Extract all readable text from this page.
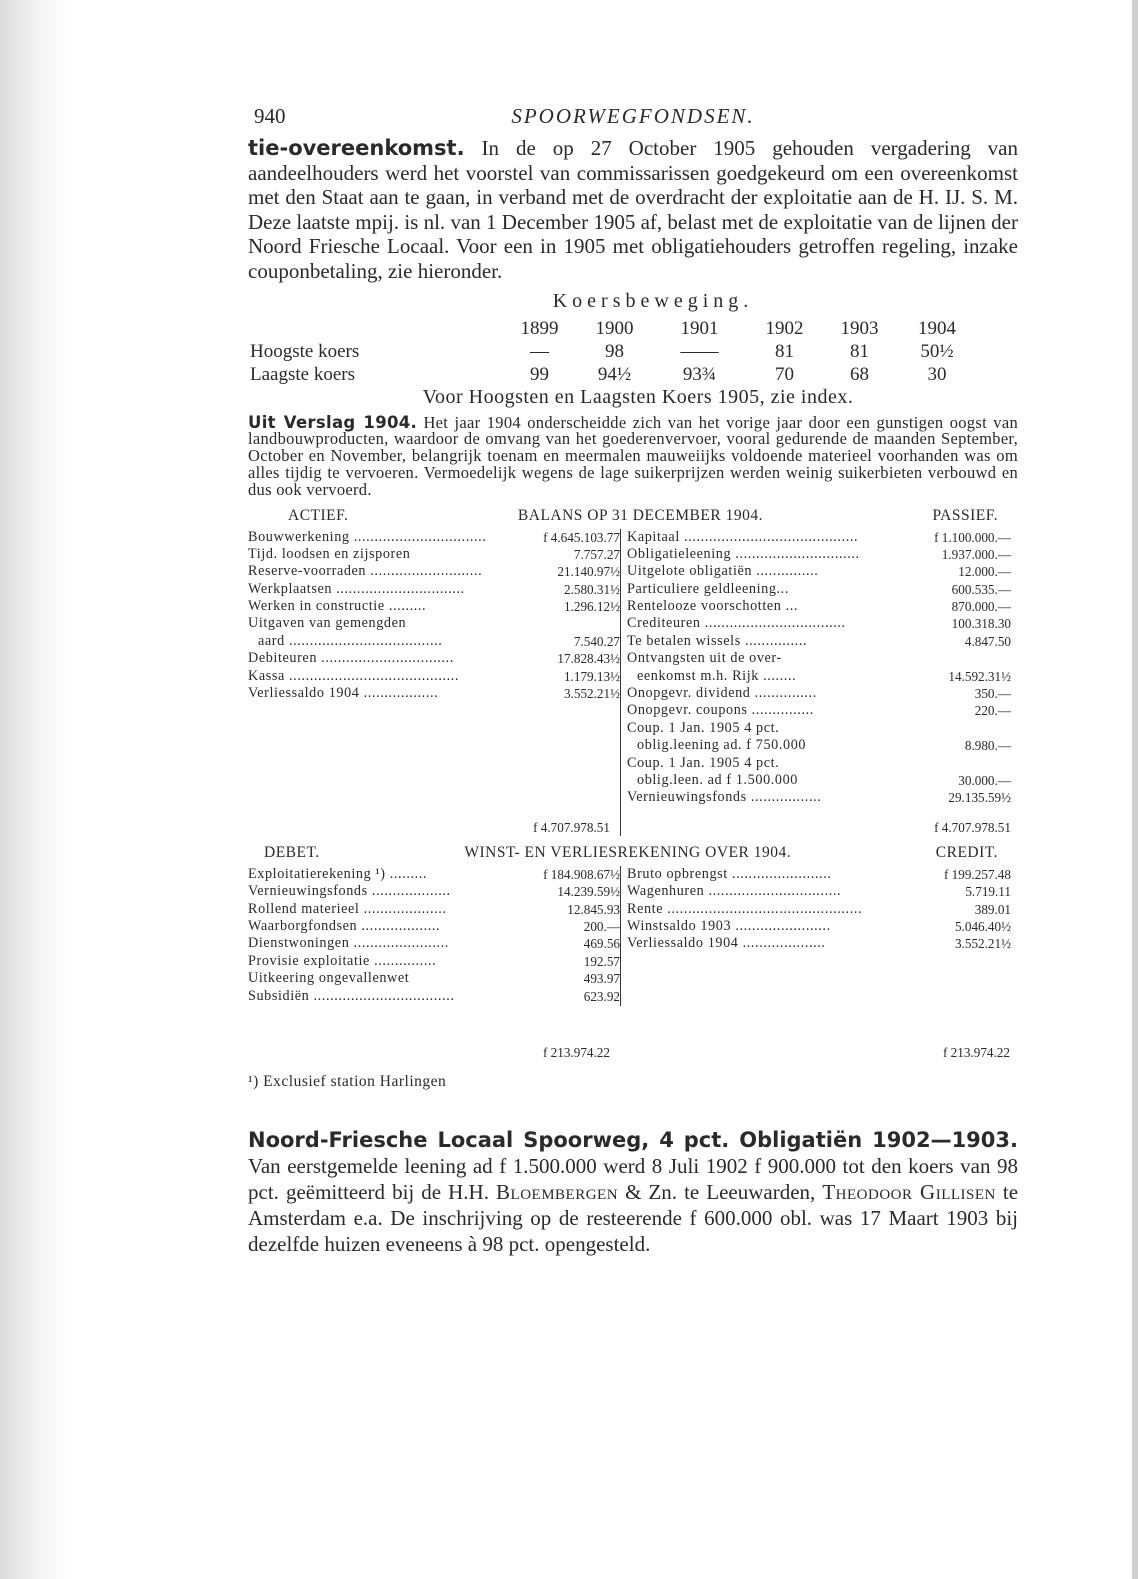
940	SPOORWEGFONDSEN.

tie-overeenkomst. In de op 27 October 1905 gehouden vergadering van aandeelhouders werd het voorstel van commissarissen goedgekeurd om een overeenkomst met den Staat aan te gaan, in verband met de overdracht der exploitatie aan de H. IJ. S. M. Deze laatste mpij. is nl. van 1 December 1905 af, belast met de exploitatie van de lijnen der Noord Friesche Locaal. Voor een in 1905 met obligatiehouders getroffen regeling, inzake couponbetaling, zie hieronder.

Koersbeweging.
	1899	1900	1901	1902	1903	1904
Hoogste koers	—	98	——	81	81	50½
Laagste koers	99	94½	93¾	70	68	30
Voor Hoogsten en Laagsten Koers 1905, zie index.

Uit Verslag 1904. Het jaar 1904 onderscheidde zich van het vorige jaar door een gunstigen oogst van landbouwproducten, waardoor de omvang van het goederenvervoer, vooral gedurende de maanden September, October en November, belangrijk toenam en meermalen mauweiijks voldoende materieel voorhanden was om alles tijdig te vervoeren. Vermoedelijk wegens de lage suikerprijzen werden weinig suikerbieten verbouwd en dus ook vervoerd.

ACTIEF.	BALANS OP 31 DECEMBER 1904.	PASSIEF.
Bouwwerkening ................................	f 4.645.103.77
Tijd. loodsen en zijsporen	7.757.27
Reserve-voorraden ...........................	21.140.97½
Werkplaatsen ...............................	2.580.31½
Werken in constructie .........	1.296.12½
Uitgaven van gemengden
aard .....................................	7.540.27
Debiteuren ................................	17.828.43½
Kassa .........................................	1.179.13½
Verliessaldo 1904 ..................	3.552.21½
Kapitaal ..........................................	f 1.100.000.—
Obligatieleening ..............................	1.937.000.—
Uitgelote obligatiën ...............	12.000.—
Particuliere geldleening...	600.535.—
Rentelooze voorschotten ...	870.000.—
Crediteuren ..................................	100.318.30
Te betalen wissels ...............	4.847.50
Ontvangsten uit de over-
eenkomst m.h. Rijk ........	14.592.31½
Onopgevr. dividend ...............	350.—
Onopgevr. coupons ...............	220.—
Coup. 1 Jan. 1905 4 pct.
oblig.leening ad. f 750.000	8.980.—
Coup. 1 Jan. 1905 4 pct.
oblig.leen. ad f 1.500.000	30.000.—
Vernieuwingsfonds .................	29.135.59½
f 4.707.978.51	f 4.707.978.51
DEBET.	WINST- EN VERLIESREKENING OVER 1904.	CREDIT.
Exploitatierekening ¹) .........	f 184.908.67½
Vernieuwingsfonds ...................	14.239.59½
Rollend materieel ....................	12.845.93
Waarborgfondsen ...................	200.—
Dienstwoningen .......................	469.56
Provisie exploitatie ...............	192.57
Uitkeering ongevallenwet	493.97
Subsidiën ..................................	623.92
Bruto opbrengst ........................	f 199.257.48
Wagenhuren ................................	5.719.11
Rente ...............................................	389.01
Winstsaldo 1903 .......................	5.046.40½
Verliessaldo 1904 ....................	3.552.21½
f 213.974.22	f 213.974.22
¹) Exclusief station Harlingen

Noord-Friesche Locaal Spoorweg, 4 pct. Obligatiën 1902—1903. Van eerstgemelde leening ad f 1.500.000 werd 8 Juli 1902 f 900.000 tot den koers van 98 pct. geëmitteerd bij de H.H. Bloembergen & Zn. te Leeuwarden, Theodoor Gillisen te Amsterdam e.a. De inschrijving op de resteerende f 600.000 obl. was 17 Maart 1903 bij dezelfde huizen eveneens à 98 pct. opengesteld.
